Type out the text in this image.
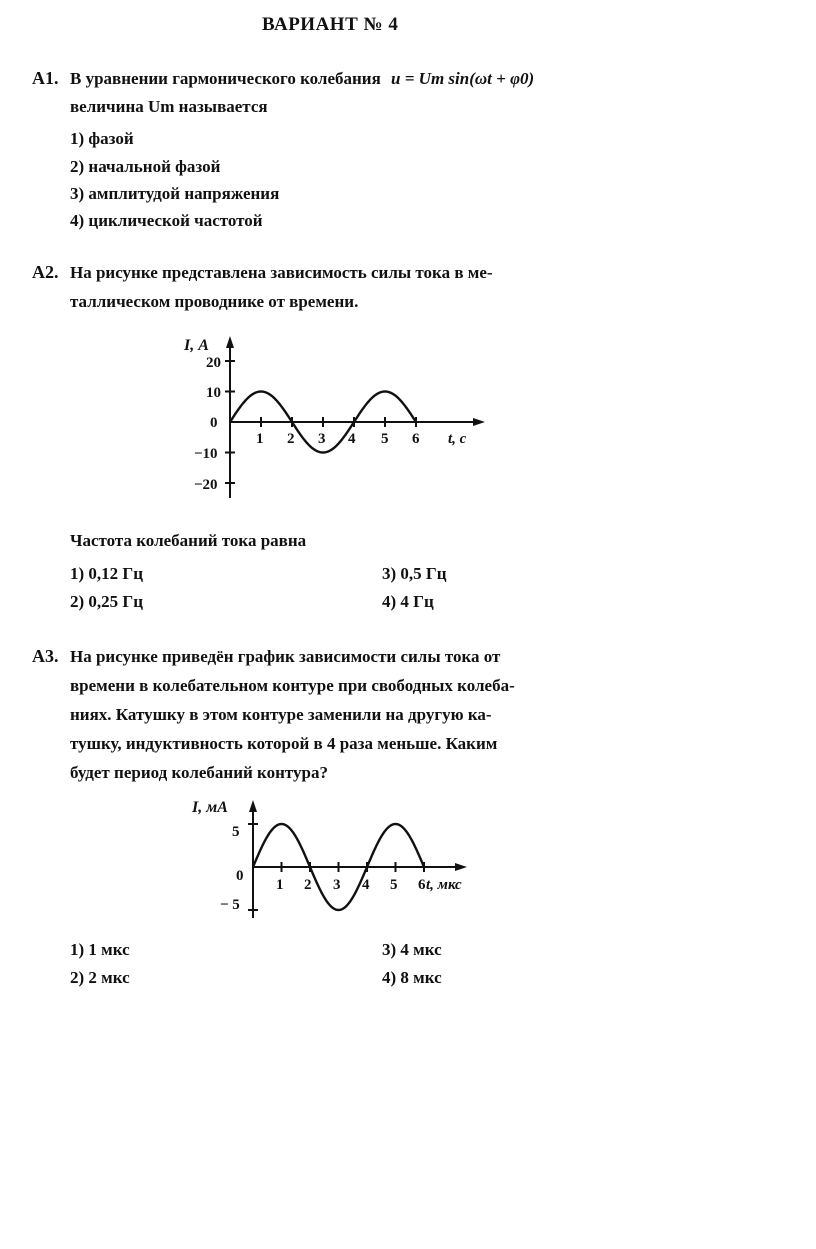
ВАРИАНТ № 4
А1. В уравнении гармонического колебания u = Um sin(ωt + φ0)
величина Um называется
1) фазой
2) начальной фазой
3) амплитудой напряжения
4) циклической частотой
А2. На рисунке представлена зависимость силы тока в ме-
таллическом проводнике от времени.
I, А
t, с
20
10
0
−10
−20
1 2 3 4 5 6
Частота колебаний тока равна
1) 0,12 Гц
2) 0,25 Гц
3) 0,5 Гц
4) 4 Гц
А3. На рисунке приведён график зависимости силы тока от
времени в колебательном контуре при свободных колеба-
ниях. Катушку в этом контуре заменили на другую ка-
тушку, индуктивность которой в 4 раза меньше. Каким
будет период колебаний контура?
I, мА
t, мкс
5
0
− 5
1 2 3 4 5 6
1) 1 мкс
2) 2 мкс
3) 4 мкс
4) 8 мкс
